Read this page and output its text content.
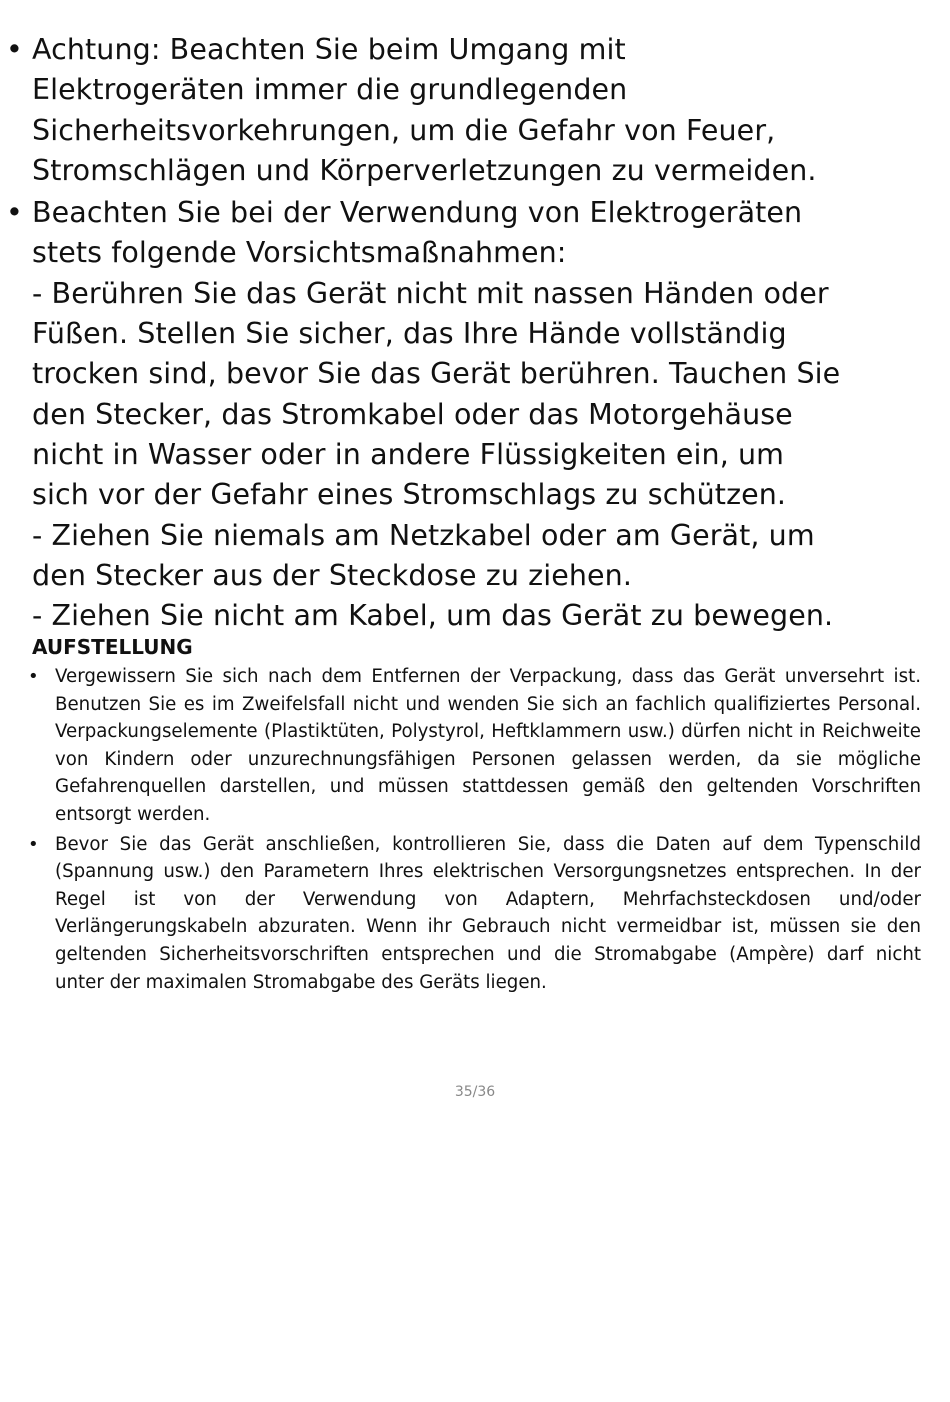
• Achtung: Beachten Sie beim Umgang mit
Elektrogeräten immer die grundlegenden
Sicherheitsvorkehrungen, um die Gefahr von Feuer,
Stromschlägen und Körperverletzungen zu vermeiden.
• Beachten Sie bei der Verwendung von Elektrogeräten
stets folgende Vorsichtsmaßnahmen:
- Berühren Sie das Gerät nicht mit nassen Händen oder
Füßen. Stellen Sie sicher, das Ihre Hände vollständig
trocken sind, bevor Sie das Gerät berühren. Tauchen Sie
den Stecker, das Stromkabel oder das Motorgehäuse
nicht in Wasser oder in andere Flüssigkeiten ein, um
sich vor der Gefahr eines Stromschlags zu schützen.
- Ziehen Sie niemals am Netzkabel oder am Gerät, um
den Stecker aus der Steckdose zu ziehen.
- Ziehen Sie nicht am Kabel, um das Gerät zu bewegen.
AUFSTELLUNG
• Vergewissern Sie sich nach dem Entfernen der Verpackung, dass das Gerät unversehrt ist. Benutzen Sie es im Zweifelsfall nicht und wenden Sie sich an fachlich qualifiziertes Personal. Verpackungselemente (Plastiktüten, Polystyrol, Heftklammern usw.) dürfen nicht in Reichweite von Kindern oder unzurechnungsfähigen Personen gelassen werden, da sie mögliche Gefahrenquellen darstellen, und müssen stattdessen gemäß den geltenden Vorschriften entsorgt werden.
• Bevor Sie das Gerät anschließen, kontrollieren Sie, dass die Daten auf dem Typenschild (Spannung usw.) den Parametern Ihres elektrischen Versorgungsnetzes entsprechen. In der Regel ist von der Verwendung von Adaptern, Mehrfachsteckdosen und/oder Verlängerungskabeln abzuraten. Wenn ihr Gebrauch nicht vermeidbar ist, müssen sie den geltenden Sicherheitsvorschriften entsprechen und die Stromabgabe (Ampère) darf nicht unter der maximalen Stromabgabe des Geräts liegen.
35/36
